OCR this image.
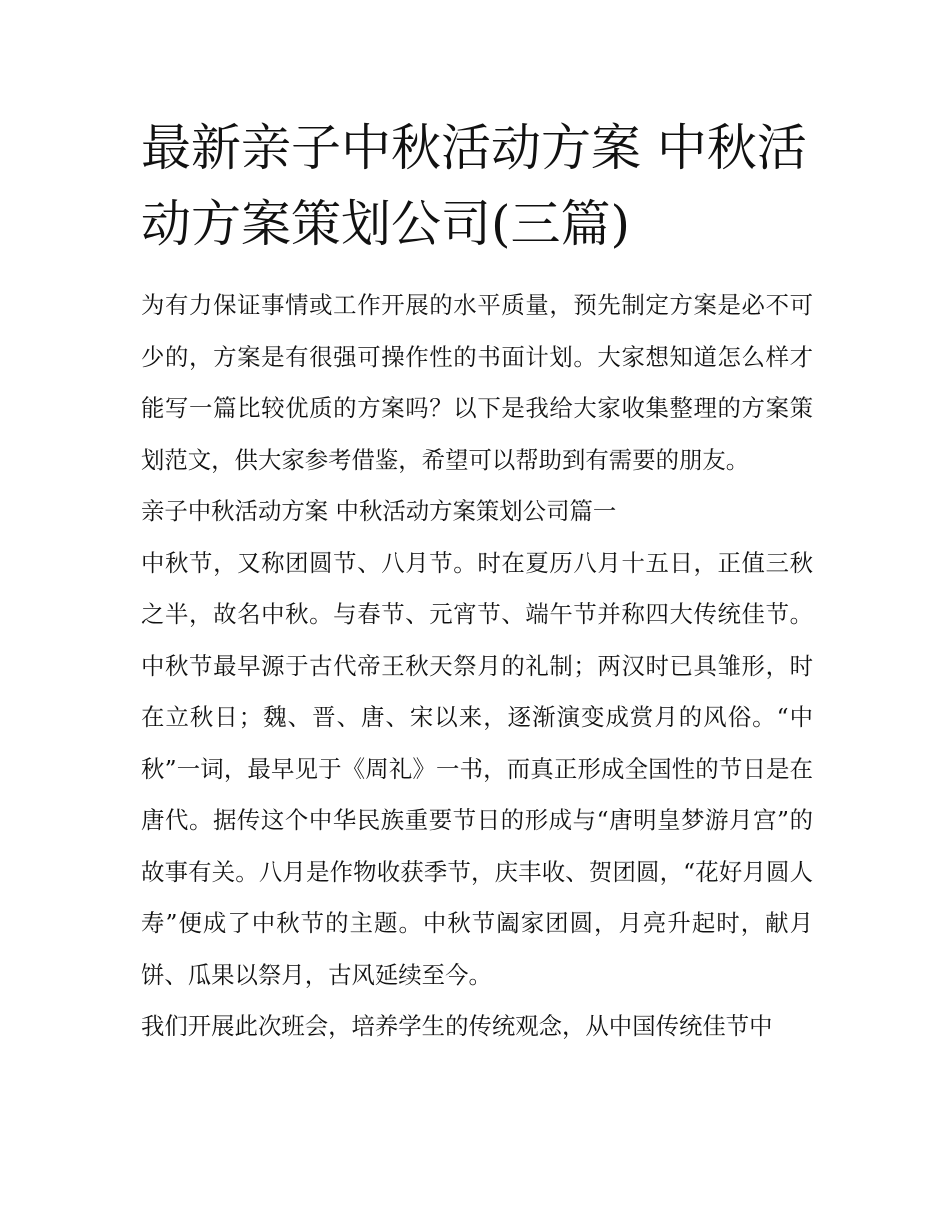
最新亲子中秋活动方案 中秋活动方案策划公司(三篇)

为有力保证事情或工作开展的水平质量，预先制定方案是必不可少的，方案是有很强可操作性的书面计划。大家想知道怎么样才能写一篇比较优质的方案吗？以下是我给大家收集整理的方案策划范文，供大家参考借鉴，希望可以帮助到有需要的朋友。

亲子中秋活动方案 中秋活动方案策划公司篇一

中秋节，又称团圆节、八月节。时在夏历八月十五日，正值三秋之半，故名中秋。与春节、元宵节、端午节并称四大传统佳节。中秋节最早源于古代帝王秋天祭月的礼制；两汉时已具雏形，时在立秋日；魏、晋、唐、宋以来，逐渐演变成赏月的风俗。“中秋”一词，最早见于《周礼》一书，而真正形成全国性的节日是在唐代。据传这个中华民族重要节日的形成与“唐明皇梦游月宫”的故事有关。八月是作物收获季节，庆丰收、贺团圆，“花好月圆人寿”便成了中秋节的主题。中秋节阖家团圆，月亮升起时，献月饼、瓜果以祭月，古风延续至今。

我们开展此次班会，培养学生的传统观念，从中国传统佳节中
